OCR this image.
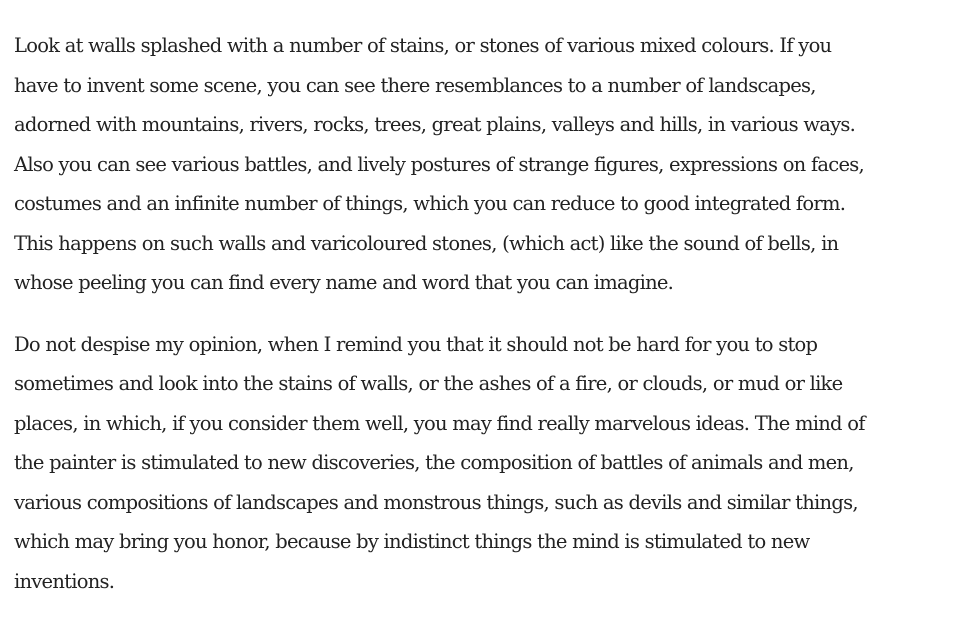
Look at walls splashed with a number of stains, or stones of various mixed colours. If you
have to invent some scene, you can see there resemblances to a number of landscapes,
adorned with mountains, rivers, rocks, trees, great plains, valleys and hills, in various ways.
Also you can see various battles, and lively postures of strange figures, expressions on faces,
costumes and an infinite number of things, which you can reduce to good integrated form.
This happens on such walls and varicoloured stones, (which act) like the sound of bells, in
whose peeling you can find every name and word that you can imagine.

Do not despise my opinion, when I remind you that it should not be hard for you to stop
sometimes and look into the stains of walls, or the ashes of a fire, or clouds, or mud or like
places, in which, if you consider them well, you may find really marvelous ideas. The mind of
the painter is stimulated to new discoveries, the composition of battles of animals and men,
various compositions of landscapes and monstrous things, such as devils and similar things,
which may bring you honor, because by indistinct things the mind is stimulated to new
inventions.
